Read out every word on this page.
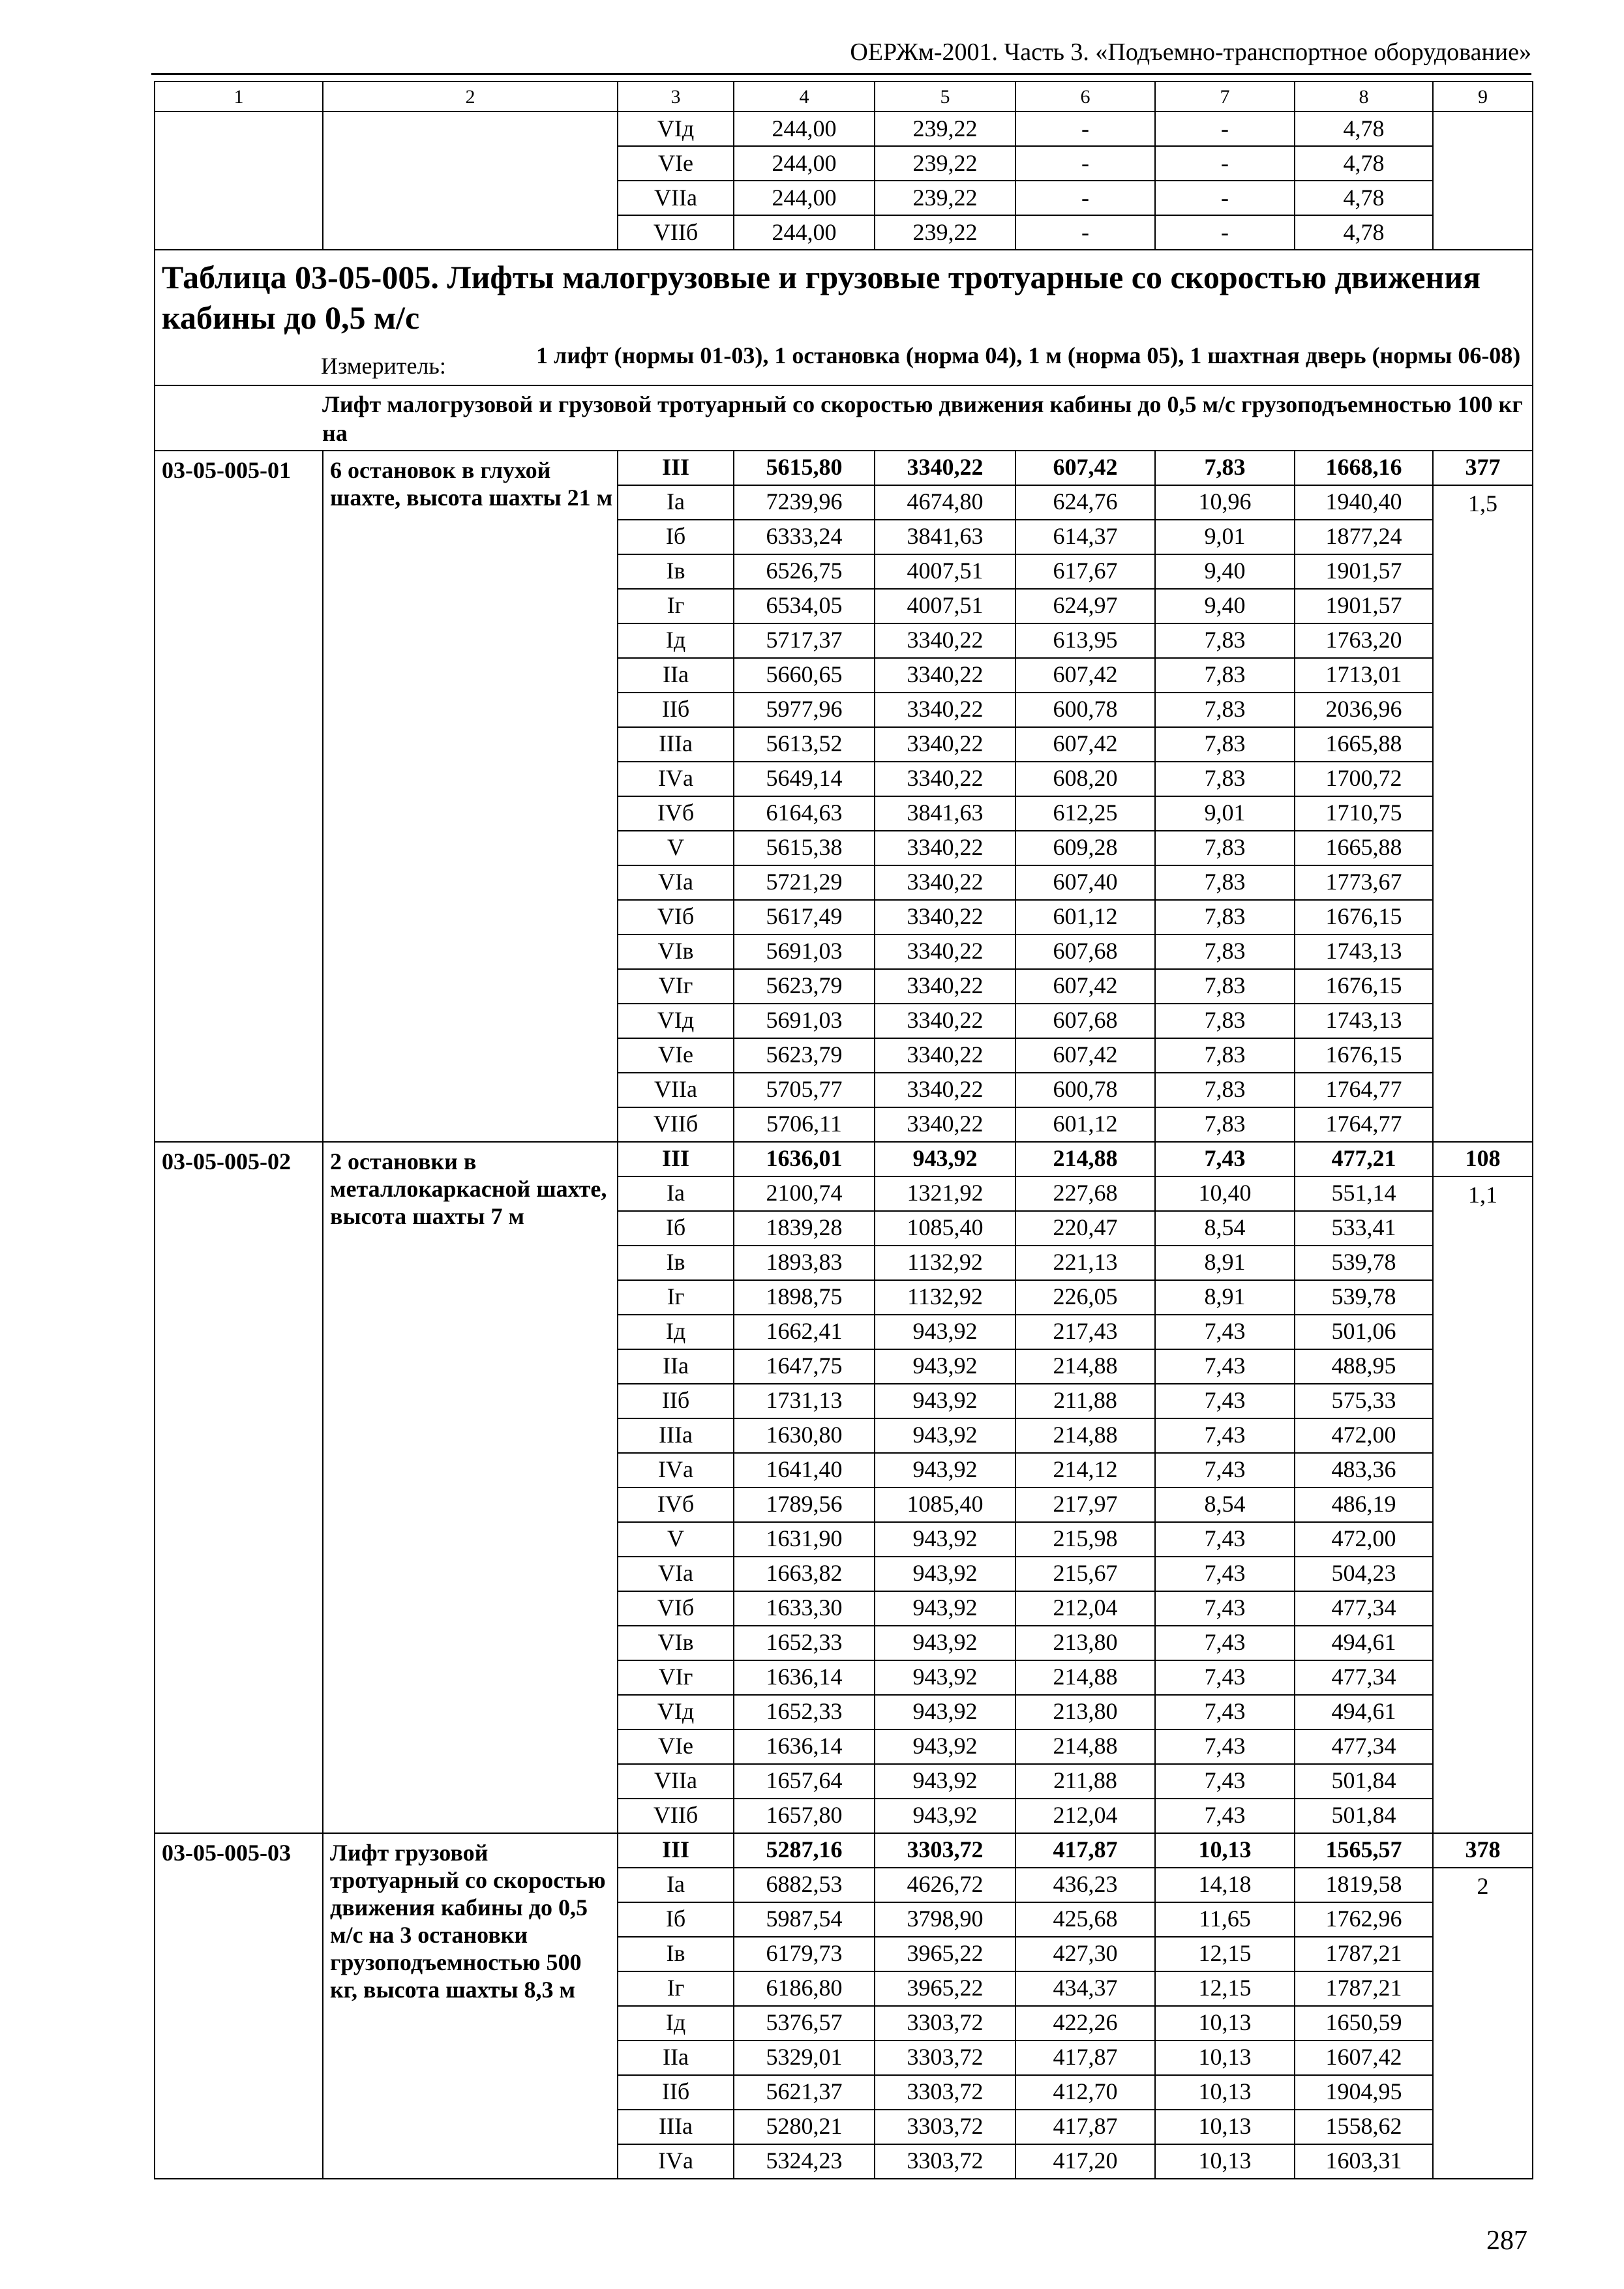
ОЕРЖм-2001. Часть 3. «Подъемно-транспортное оборудование»
1	2	3	4	5	6	7	8	9
		VIд	244,00	239,22	-	-	4,78	
		VIе	244,00	239,22	-	-	4,78	
		VIIа	244,00	239,22	-	-	4,78	
		VIIб	244,00	239,22	-	-	4,78	

Таблица 03-05-005. Лифты малогрузовые и грузовые тротуарные со скоростью движения кабины до 0,5 м/с
Измеритель: 1 лифт (нормы 01-03), 1 остановка (норма 04), 1 м (норма 05), 1 шахтная дверь (нормы 06-08)								

Лифт малогрузовой и грузовой тротуарный со скоростью движения кабины до 0,5 м/с грузоподъемностью 100 кг на								
03-05-005-01	6 остановок в глухой шахте, высота шахты 21 м	III	5615,80	3340,22	607,42	7,83	1668,16	377
		Iа	7239,96	4674,80	624,76	10,96	1940,40	1,5
		Iб	6333,24	3841,63	614,37	9,01	1877,24	
		Iв	6526,75	4007,51	617,67	9,40	1901,57	
		Iг	6534,05	4007,51	624,97	9,40	1901,57	
		Iд	5717,37	3340,22	613,95	7,83	1763,20	
		IIа	5660,65	3340,22	607,42	7,83	1713,01	
		IIб	5977,96	3340,22	600,78	7,83	2036,96	
		IIIа	5613,52	3340,22	607,42	7,83	1665,88	
		IVа	5649,14	3340,22	608,20	7,83	1700,72	
		IVб	6164,63	3841,63	612,25	9,01	1710,75	
		V	5615,38	3340,22	609,28	7,83	1665,88	
		VIа	5721,29	3340,22	607,40	7,83	1773,67	
		VIб	5617,49	3340,22	601,12	7,83	1676,15	
		VIв	5691,03	3340,22	607,68	7,83	1743,13	
		VIг	5623,79	3340,22	607,42	7,83	1676,15	
		VIд	5691,03	3340,22	607,68	7,83	1743,13	
		VIе	5623,79	3340,22	607,42	7,83	1676,15	
		VIIа	5705,77	3340,22	600,78	7,83	1764,77	
		VIIб	5706,11	3340,22	601,12	7,83	1764,77	
03-05-005-02	2 остановки в металлокаркасной шахте, высота шахты 7 м	III	1636,01	943,92	214,88	7,43	477,21	108
		Iа	2100,74	1321,92	227,68	10,40	551,14	1,1
		Iб	1839,28	1085,40	220,47	8,54	533,41	
		Iв	1893,83	1132,92	221,13	8,91	539,78	
		Iг	1898,75	1132,92	226,05	8,91	539,78	
		Iд	1662,41	943,92	217,43	7,43	501,06	
		IIа	1647,75	943,92	214,88	7,43	488,95	
		IIб	1731,13	943,92	211,88	7,43	575,33	
		IIIа	1630,80	943,92	214,88	7,43	472,00	
		IVа	1641,40	943,92	214,12	7,43	483,36	
		IVб	1789,56	1085,40	217,97	8,54	486,19	
		V	1631,90	943,92	215,98	7,43	472,00	
		VIа	1663,82	943,92	215,67	7,43	504,23	
		VIб	1633,30	943,92	212,04	7,43	477,34	
		VIв	1652,33	943,92	213,80	7,43	494,61	
		VIг	1636,14	943,92	214,88	7,43	477,34	
		VIд	1652,33	943,92	213,80	7,43	494,61	
		VIе	1636,14	943,92	214,88	7,43	477,34	
		VIIа	1657,64	943,92	211,88	7,43	501,84	
		VIIб	1657,80	943,92	212,04	7,43	501,84	
03-05-005-03	Лифт грузовой тротуарный со скоростью движения кабины до 0,5 м/с на 3 остановки грузоподъемностью 500 кг, высота шахты 8,3 м	III	5287,16	3303,72	417,87	10,13	1565,57	378
		Iа	6882,53	4626,72	436,23	14,18	1819,58	2
		Iб	5987,54	3798,90	425,68	11,65	1762,96	
		Iв	6179,73	3965,22	427,30	12,15	1787,21	
		Iг	6186,80	3965,22	434,37	12,15	1787,21	
		Iд	5376,57	3303,72	422,26	10,13	1650,59	
		IIа	5329,01	3303,72	417,87	10,13	1607,42	
		IIб	5621,37	3303,72	412,70	10,13	1904,95	
		IIIа	5280,21	3303,72	417,87	10,13	1558,62	
		IVа	5324,23	3303,72	417,20	10,13	1603,31	
287
